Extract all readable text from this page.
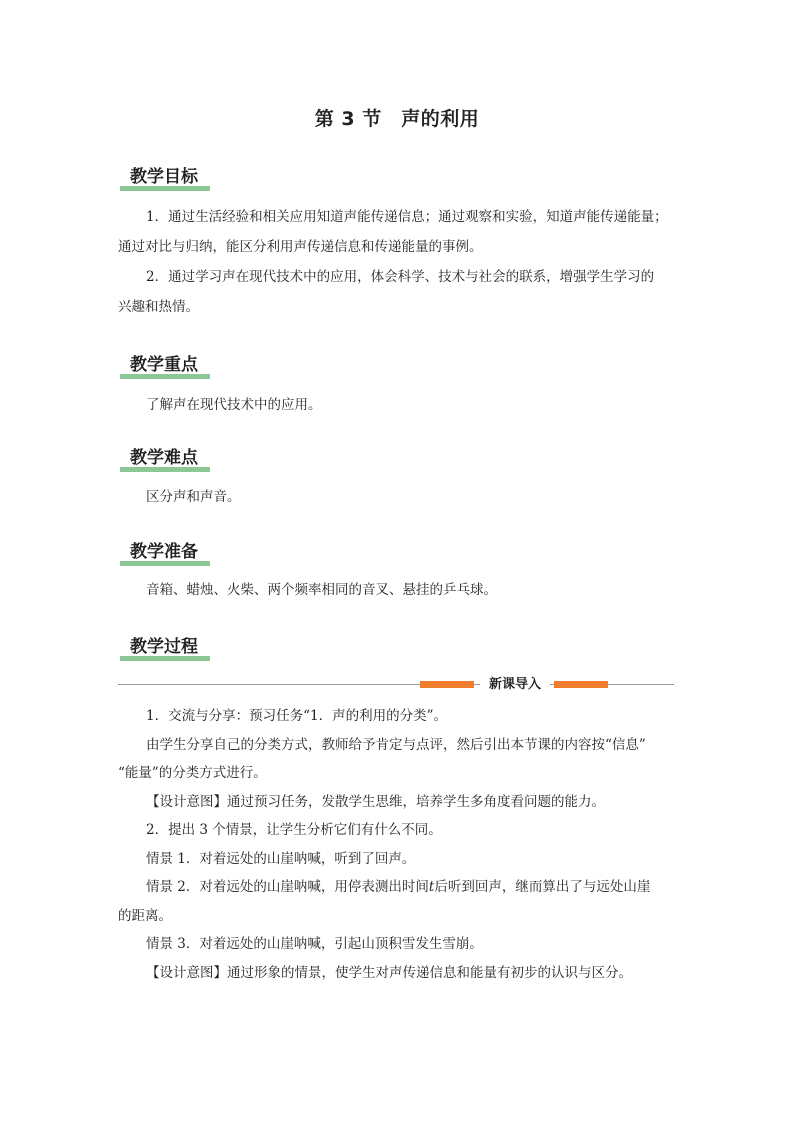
第 3 节　声的利用
教学目标

1．通过生活经验和相关应用知道声能传递信息；通过观察和实验，知道声能传递能量；

通过对比与归纳，能区分利用声传递信息和传递能量的事例。

2．通过学习声在现代技术中的应用，体会科学、技术与社会的联系，增强学生学习的

兴趣和热情。

教学重点

了解声在现代技术中的应用。

教学难点

区分声和声音。

教学准备

音箱、蜡烛、火柴、两个频率相同的音叉、悬挂的乒乓球。

教学过程
新课导入

1．交流与分享：预习任务“1．声的利用的分类”。

由学生分享自己的分类方式，教师给予肯定与点评，然后引出本节课的内容按“信息”

“能量”的分类方式进行。

【设计意图】通过预习任务，发散学生思维，培养学生多角度看问题的能力。

2．提出 3 个情景，让学生分析它们有什么不同。

情景 1．对着远处的山崖呐喊，听到了回声。

情景 2．对着远处的山崖呐喊，用停表测出时间t后听到回声，继而算出了与远处山崖

的距离。

情景 3．对着远处的山崖呐喊，引起山顶积雪发生雪崩。

【设计意图】通过形象的情景，使学生对声传递信息和能量有初步的认识与区分。
